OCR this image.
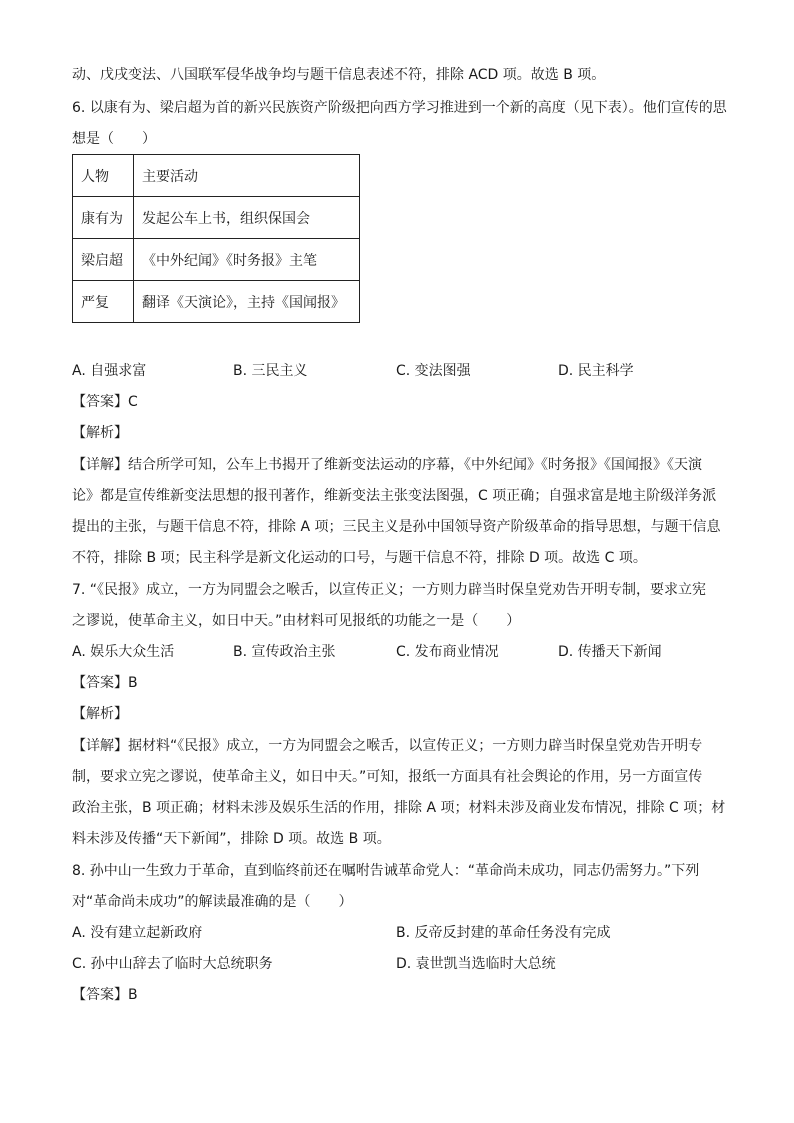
动、戊戌变法、八国联军侵华战争均与题干信息表述不符，排除 ACD 项。故选 B 项。
6. 以康有为、梁启超为首的新兴民族资产阶级把向西方学习推进到一个新的高度（见下表）。他们宣传的思
想是（　　）
人物	主要活动
康有为	发起公车上书，组织保国会
梁启超	《中外纪闻》《时务报》主笔
严复	翻译《天演论》，主持《国闻报》
A. 自强求富	B. 三民主义	C. 变法图强	D. 民主科学
【答案】C
【解析】
【详解】结合所学可知，公车上书揭开了维新变法运动的序幕，《中外纪闻》《时务报》《国闻报》《天演
论》都是宣传维新变法思想的报刊著作，维新变法主张变法图强，C 项正确；自强求富是地主阶级洋务派
提出的主张，与题干信息不符，排除 A 项；三民主义是孙中国领导资产阶级革命的指导思想，与题干信息
不符，排除 B 项；民主科学是新文化运动的口号，与题干信息不符，排除 D 项。故选 C 项。
7. “《民报》成立，一方为同盟会之喉舌，以宣传正义；一方则力辟当时保皇党劝告开明专制，要求立宪
之谬说，使革命主义，如日中天。”由材料可见报纸的功能之一是（　　）
A. 娱乐大众生活	B. 宣传政治主张	C. 发布商业情况	D. 传播天下新闻
【答案】B
【解析】
【详解】据材料“《民报》成立，一方为同盟会之喉舌，以宣传正义；一方则力辟当时保皇党劝告开明专
制，要求立宪之谬说，使革命主义，如日中天。”可知，报纸一方面具有社会舆论的作用，另一方面宣传
政治主张，B 项正确；材料未涉及娱乐生活的作用，排除 A 项；材料未涉及商业发布情况，排除 C 项；材
料未涉及传播“天下新闻”，排除 D 项。故选 B 项。
8. 孙中山一生致力于革命，直到临终前还在嘱咐告诫革命党人：“革命尚未成功，同志仍需努力。”下列
对“革命尚未成功”的解读最准确的是（　　）
A. 没有建立起新政府	B. 反帝反封建的革命任务没有完成
C. 孙中山辞去了临时大总统职务	D. 袁世凯当选临时大总统
【答案】B
